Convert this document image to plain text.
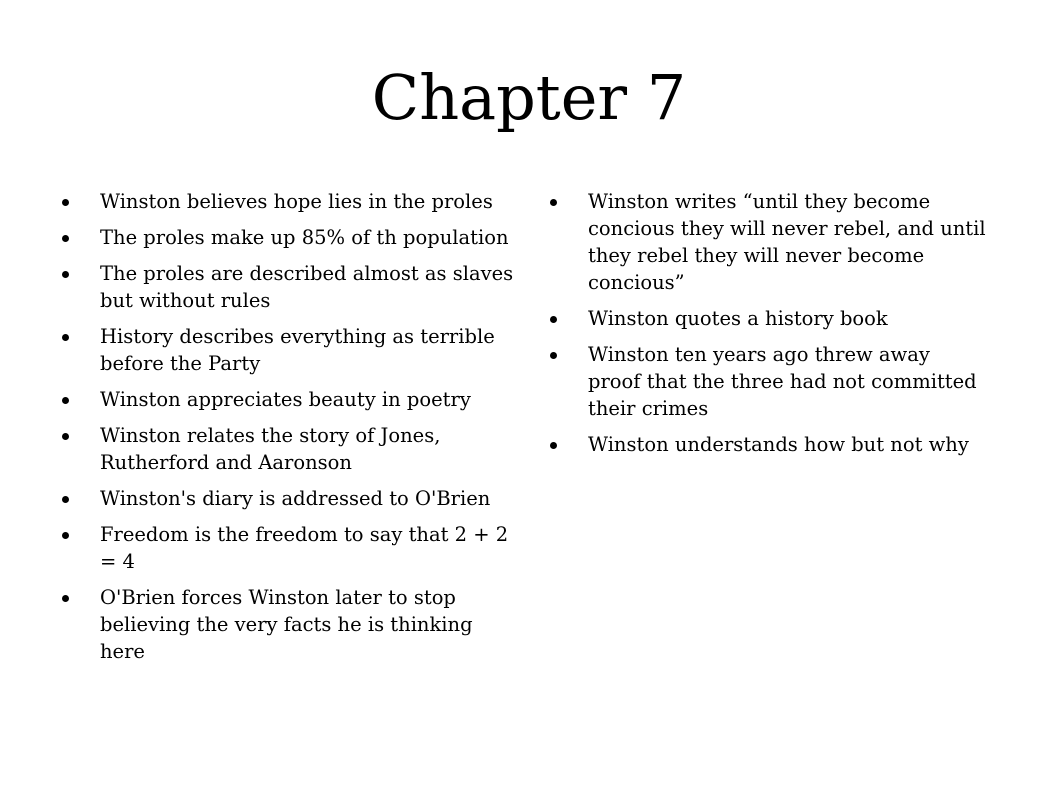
Chapter 7
Winston believes hope lies in the proles
The proles make up 85% of th population
The proles are described almost as slaves but without rules
History describes everything as terrible before the Party
Winston appreciates beauty in poetry
Winston relates the story of Jones, Rutherford and Aaronson
Winston's diary is addressed to O'Brien
Freedom is the freedom to say that 2 + 2 = 4
O'Brien forces Winston later to stop believing the very facts he is thinking here
Winston writes “until they become concious they will never rebel, and until they rebel they will never become concious”
Winston quotes a history book
Winston ten years ago threw away proof that the three had not committed their crimes
Winston understands how but not why
